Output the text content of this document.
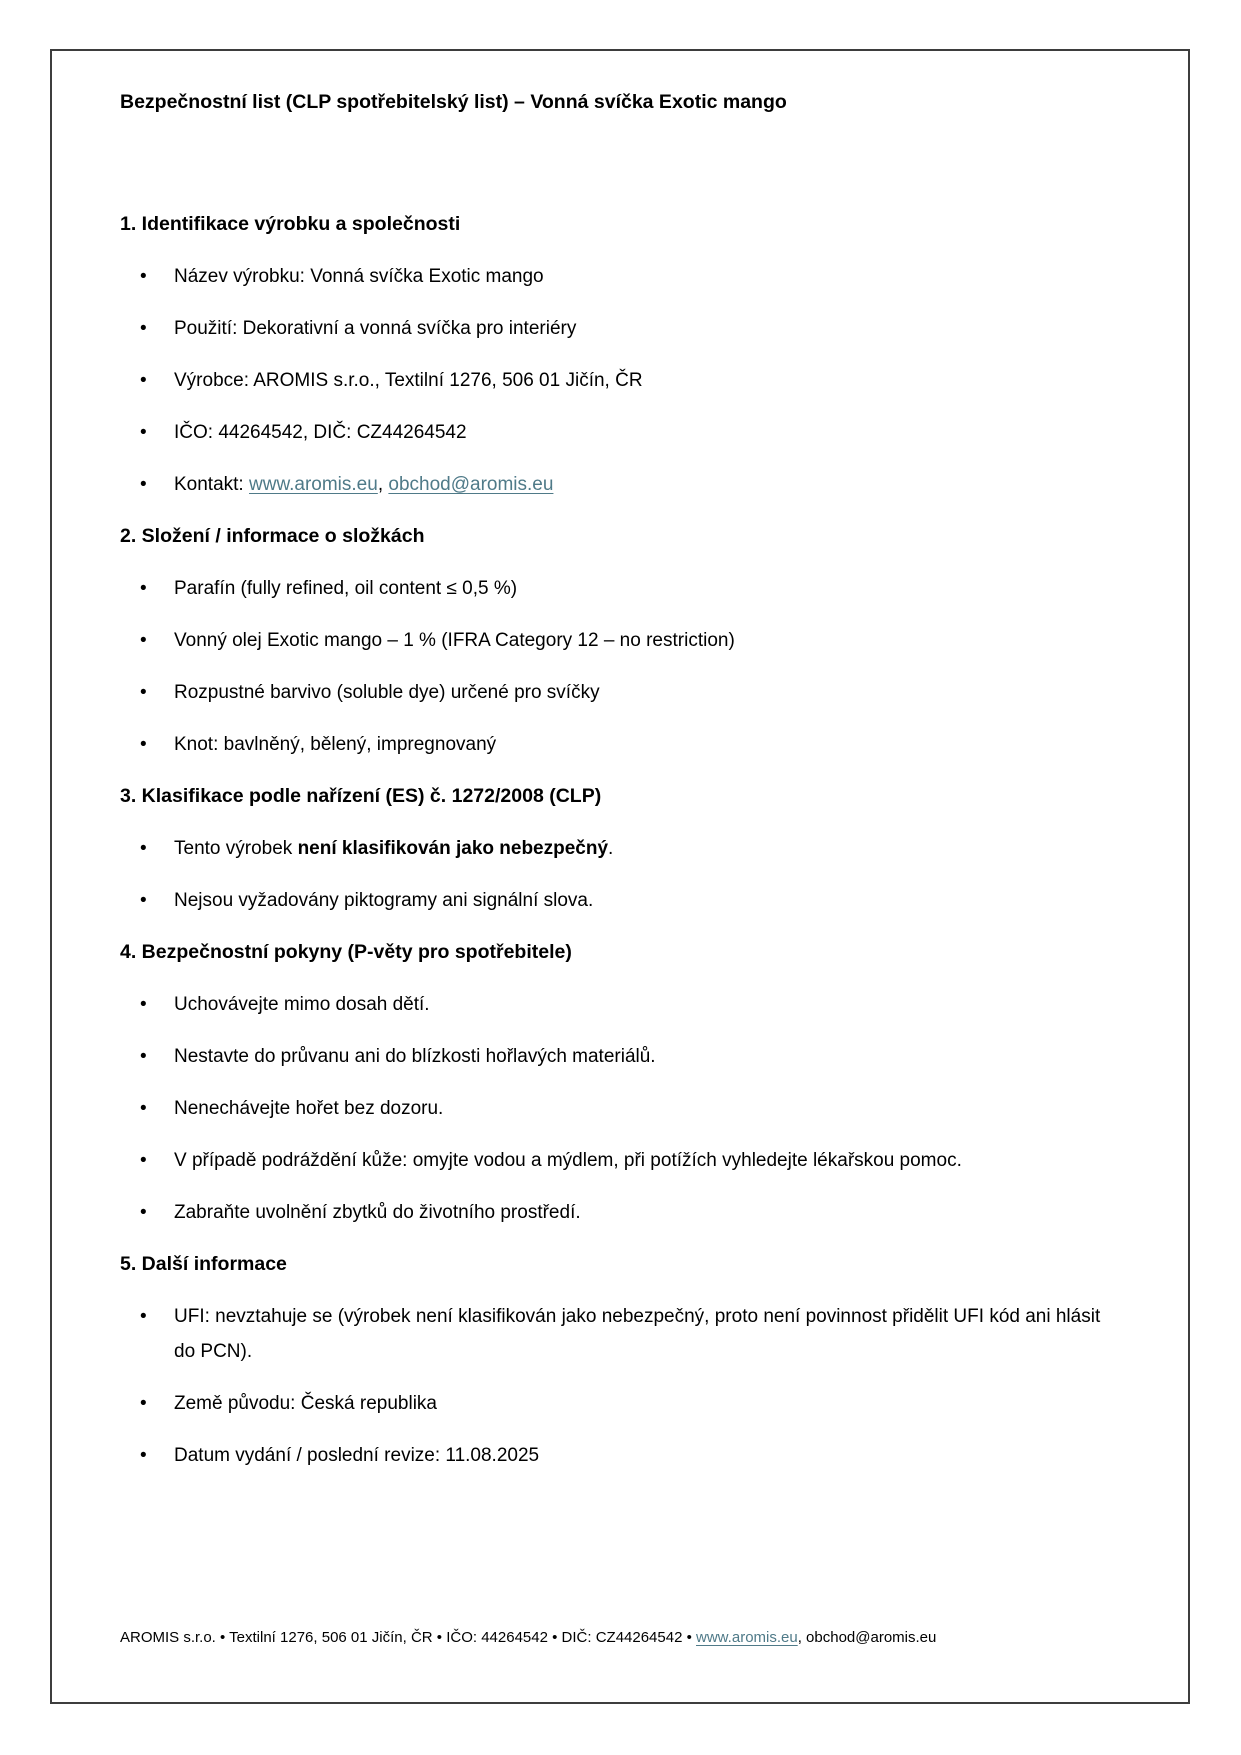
Bezpečnostní list (CLP spotřebitelský list) – Vonná svíčka Exotic mango
1. Identifikace výrobku a společnosti
• Název výrobku: Vonná svíčka Exotic mango
• Použití: Dekorativní a vonná svíčka pro interiéry
• Výrobce: AROMIS s.r.o., Textilní 1276, 506 01 Jičín, ČR
• IČO: 44264542, DIČ: CZ44264542
• Kontakt: www.aromis.eu, obchod@aromis.eu
2. Složení / informace o složkách
• Parafín (fully refined, oil content ≤ 0,5 %)
• Vonný olej Exotic mango – 1 % (IFRA Category 12 – no restriction)
• Rozpustné barvivo (soluble dye) určené pro svíčky
• Knot: bavlněný, bělený, impregnovaný
3. Klasifikace podle nařízení (ES) č. 1272/2008 (CLP)
• Tento výrobek není klasifikován jako nebezpečný.
• Nejsou vyžadovány piktogramy ani signální slova.
4. Bezpečnostní pokyny (P-věty pro spotřebitele)
• Uchovávejte mimo dosah dětí.
• Nestavte do průvanu ani do blízkosti hořlavých materiálů.
• Nenechávejte hořet bez dozoru.
• V případě podráždění kůže: omyjte vodou a mýdlem, při potížích vyhledejte lékařskou pomoc.
• Zabraňte uvolnění zbytků do životního prostředí.
5. Další informace
• UFI: nevztahuje se (výrobek není klasifikován jako nebezpečný, proto není povinnost přidělit UFI kód ani hlásit do PCN).
• Země původu: Česká republika
• Datum vydání / poslední revize: 11.08.2025
AROMIS s.r.o. • Textilní 1276, 506 01 Jičín, ČR • IČO: 44264542 • DIČ: CZ44264542 • www.aromis.eu, obchod@aromis.eu
